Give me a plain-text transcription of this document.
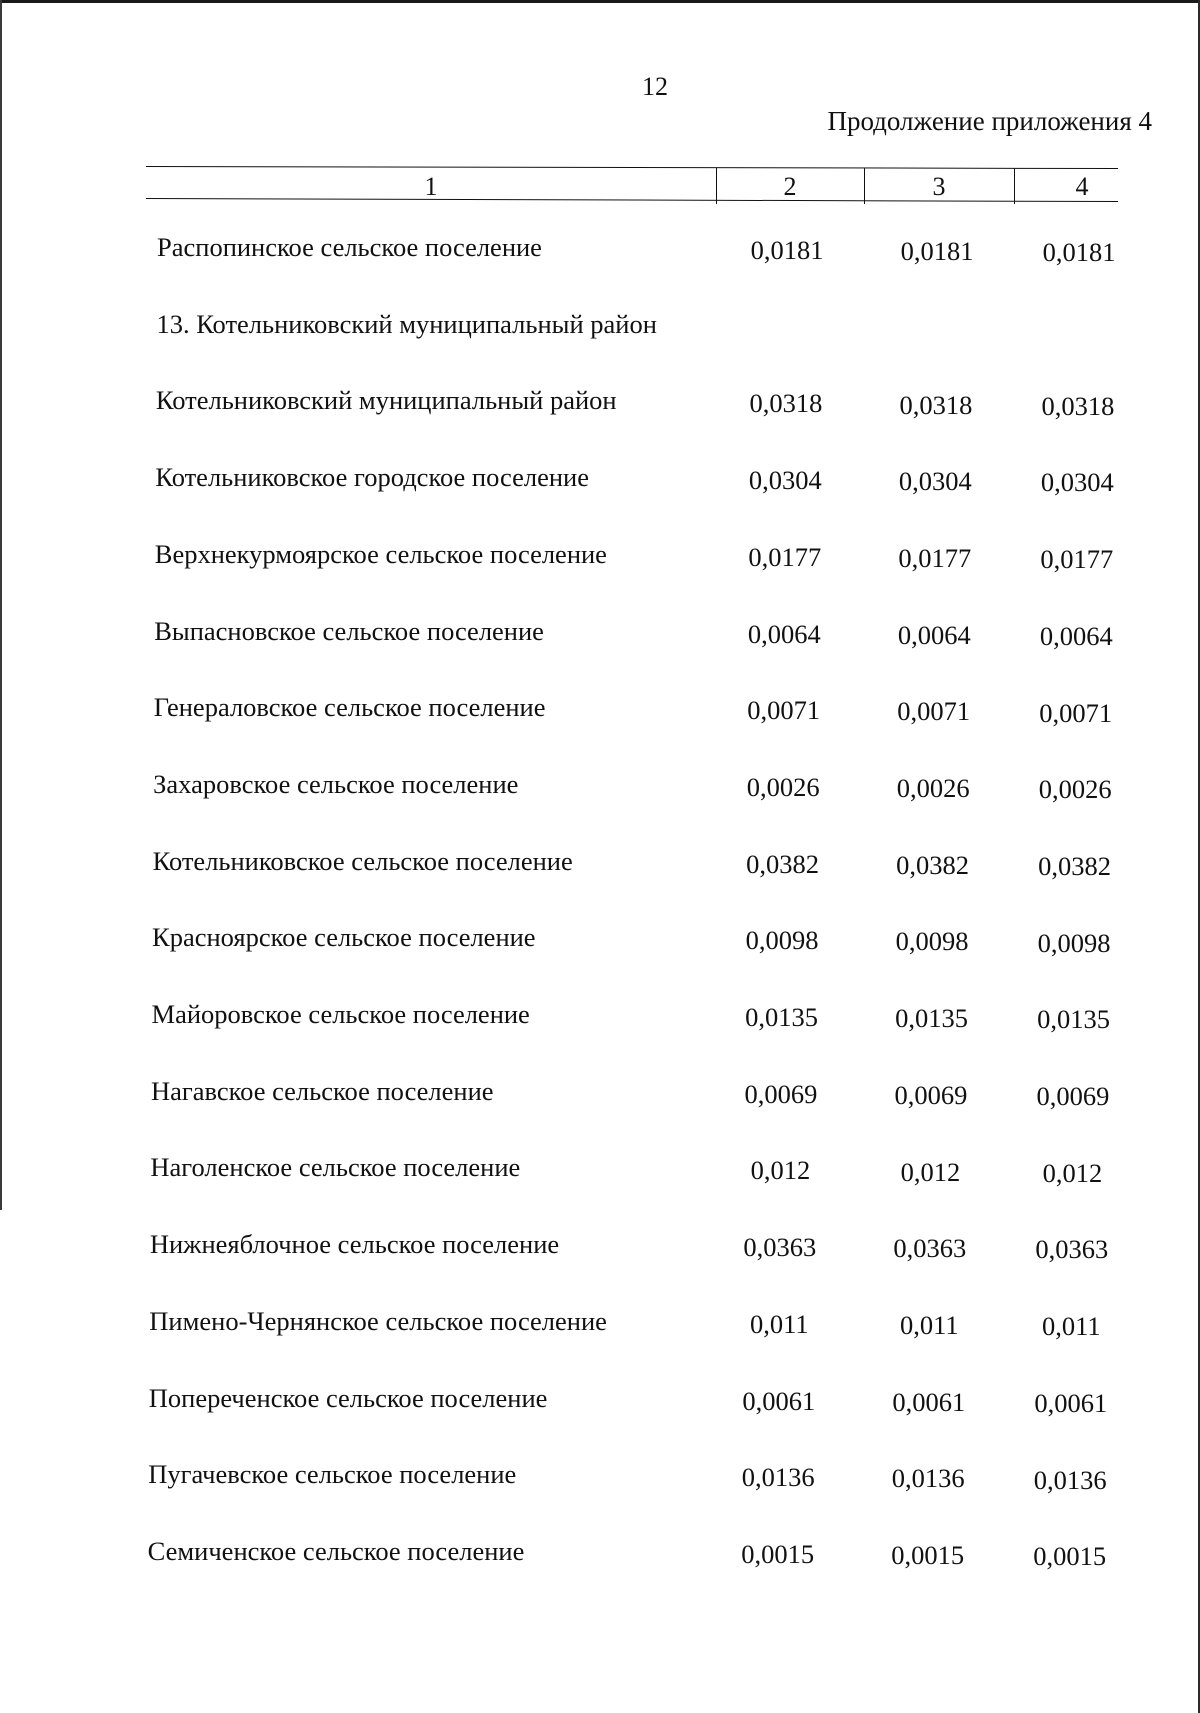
12
Продолжение приложения 4
1	2	3	4
Распопинское сельское поселение	0,0181	0,0181	0,0181
13. Котельниковский муниципальный район
Котельниковский муниципальный район	0,0318	0,0318	0,0318
Котельниковское городское поселение	0,0304	0,0304	0,0304
Верхнекурмоярское сельское поселение	0,0177	0,0177	0,0177
Выпасновское сельское поселение	0,0064	0,0064	0,0064
Генераловское сельское поселение	0,0071	0,0071	0,0071
Захаровское сельское поселение	0,0026	0,0026	0,0026
Котельниковское сельское поселение	0,0382	0,0382	0,0382
Красноярское сельское поселение	0,0098	0,0098	0,0098
Майоровское сельское поселение	0,0135	0,0135	0,0135
Нагавское сельское поселение	0,0069	0,0069	0,0069
Наголенское сельское поселение	0,012	0,012	0,012
Нижнеяблочное сельское поселение	0,0363	0,0363	0,0363
Пимено-Чернянское сельское поселение	0,011	0,011	0,011
Попереченское сельское поселение	0,0061	0,0061	0,0061
Пугачевское сельское поселение	0,0136	0,0136	0,0136
Семиченское сельское поселение	0,0015	0,0015	0,0015
